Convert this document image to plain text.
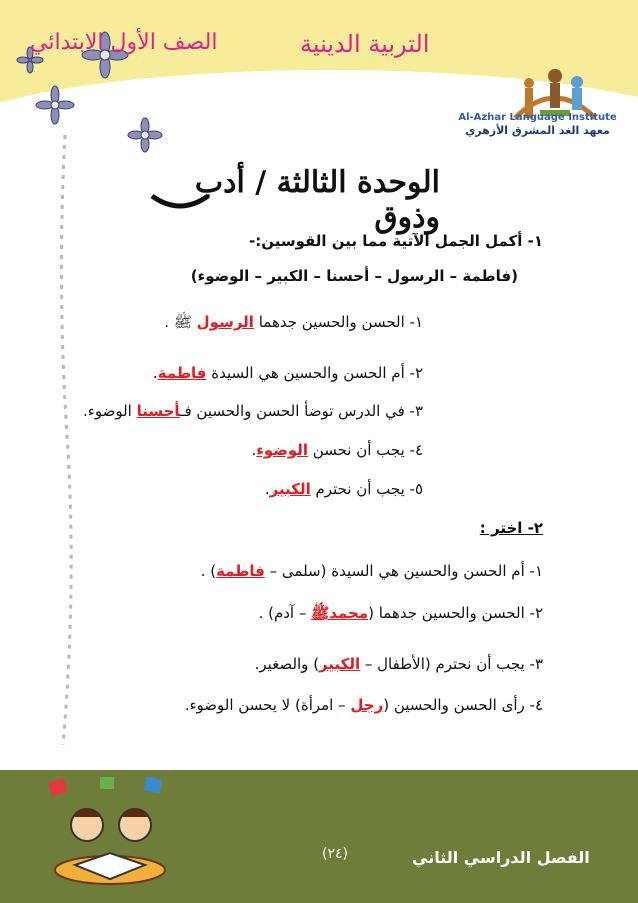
الصف الأول الابتدائي	التربية الدينية
Al-Azhar Language Institute
معهد الغد المشرق الأزهري
الوحدة الثالثة / أدب وذوق
١- أكمل الجمل الآتية مما بين القوسين:-
(فاطمة – الرسول – أحسنا – الكبير – الوضوء)
١- الحسن والحسين جدهما الرسول ﷺ .
٢- أم الحسن والحسين هي السيدة فاطمة.
٣- في الدرس توضأ الحسن والحسين فـأحسنا الوضوء.
٤- يجب أن نحسن الوضوء.
٥- يجب أن نحترم الكبير.
٢- اختر :
١- أم الحسن والحسين هي السيدة (سلمى – فاطمة) .
٢- الحسن والحسين جدهما (محمدﷺ – آدم) .
٣- يجب أن نحترم (الأطفال – الكبير) والصغير.
٤- رأى الحسن والحسين (رجل – امرأة) لا يحسن الوضوء.
(٢٤)	الفصل الدراسي الثاني
